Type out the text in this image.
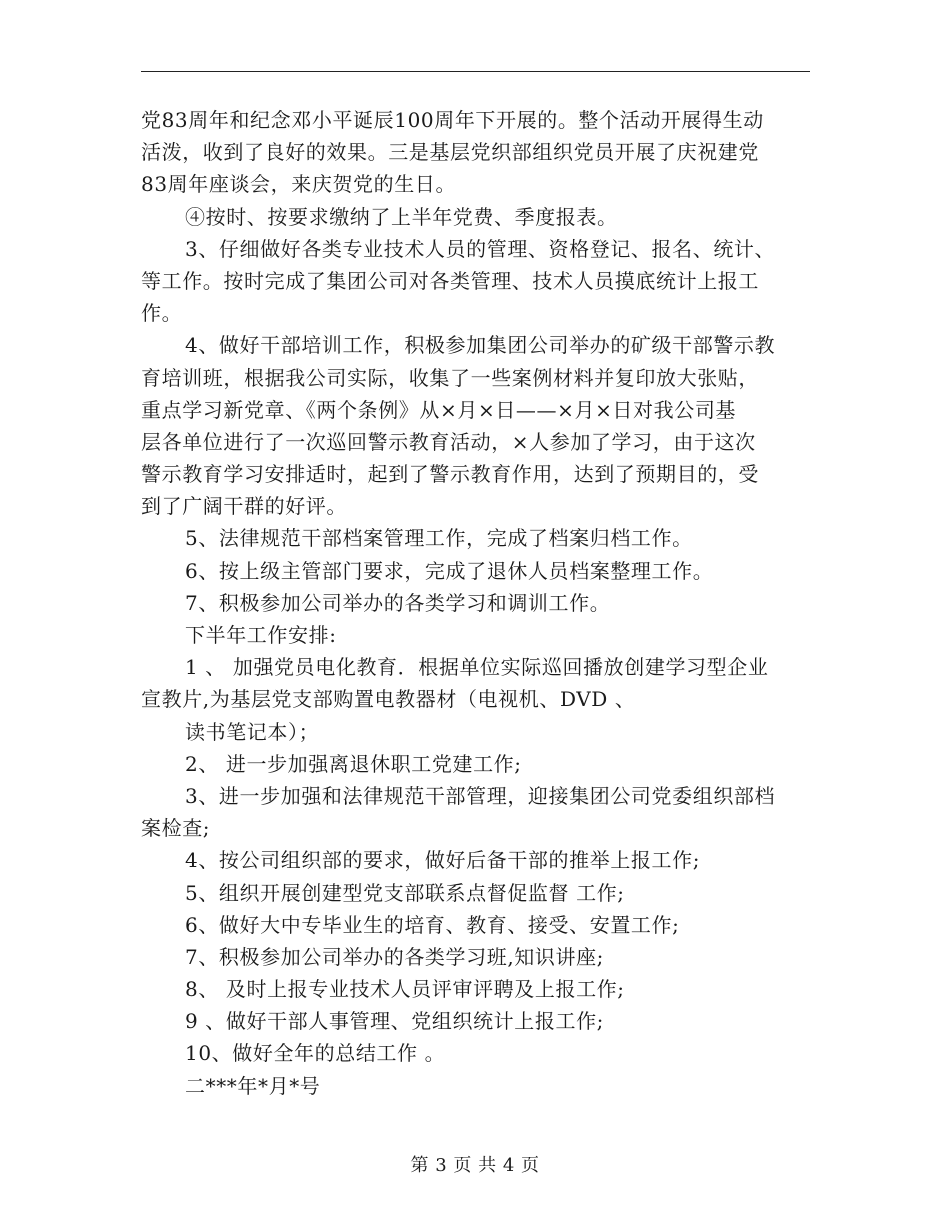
党83周年和纪念邓小平诞辰100周年下开展的。整个活动开展得生动
活泼，收到了良好的效果。三是基层党织部组织党员开展了庆祝建党
83周年座谈会，来庆贺党的生日。
④按时、按要求缴纳了上半年党费、季度报表。
3、仔细做好各类专业技术人员的管理、资格登记、报名、统计、
等工作。按时完成了集团公司对各类管理、技术人员摸底统计上报工
作。
4、做好干部培训工作，积极参加集团公司举办的矿级干部警示教
育培训班，根据我公司实际，收集了一些案例材料并复印放大张贴，
重点学习新党章、《两个条例》从×月×日——×月×日对我公司基
层各单位进行了一次巡回警示教育活动，×人参加了学习，由于这次
警示教育学习安排适时，起到了警示教育作用，达到了预期目的，受
到了广阔干群的好评。
5、法律规范干部档案管理工作，完成了档案归档工作。
6、按上级主管部门要求，完成了退休人员档案整理工作。
7、积极参加公司举办的各类学习和调训工作。
下半年工作安排:
1 、 加强党员电化教育．根据单位实际巡回播放创建学习型企业
宣教片,为基层党支部购置电教器材（电视机、DVD 、
读书笔记本）；
2、 进一步加强离退休职工党建工作;
3、进一步加强和法律规范干部管理，迎接集团公司党委组织部档
案检查;
4、按公司组织部的要求，做好后备干部的推举上报工作;
5、组织开展创建型党支部联系点督促监督 工作;
6、做好大中专毕业生的培育、教育、接受、安置工作;
7、积极参加公司举办的各类学习班,知识讲座;
8、 及时上报专业技术人员评审评聘及上报工作;
9 、做好干部人事管理、党组织统计上报工作;
10、做好全年的总结工作 。
二***年*月*号
第 3 页 共 4 页
